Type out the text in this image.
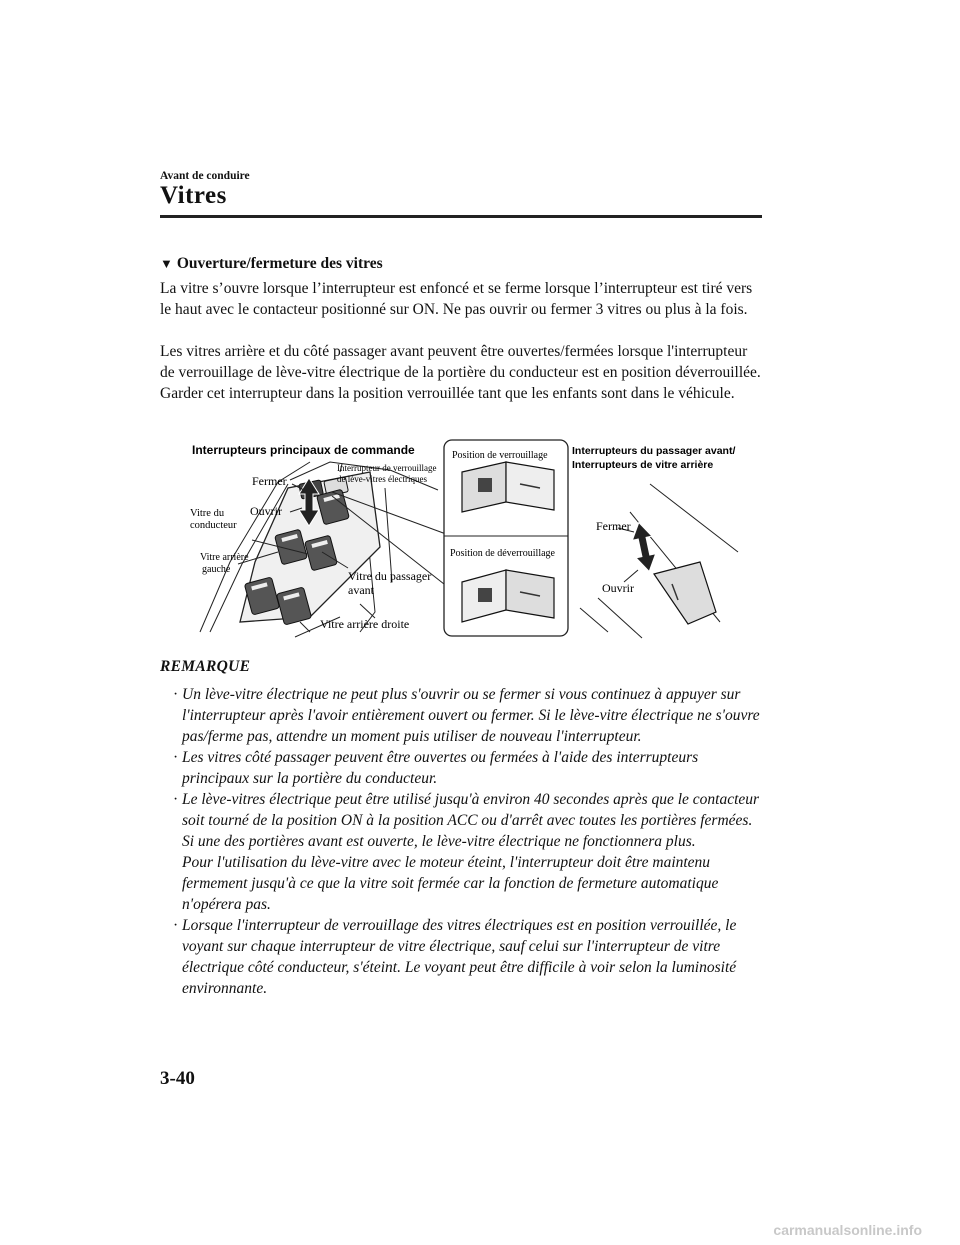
Avant de conduire
Vitres
▼ Ouverture/fermeture des vitres
La vitre s’ouvre lorsque l’interrupteur est enfoncé et se ferme lorsque l’interrupteur est tiré vers le haut avec le contacteur positionné sur ON. Ne pas ouvrir ou fermer 3 vitres ou plus à la fois.
Les vitres arrière et du côté passager avant peuvent être ouvertes/fermées lorsque l'interrupteur de verrouillage de lève-vitre électrique de la portière du conducteur est en position déverrouillée. Garder cet interrupteur dans la position verrouillée tant que les enfants sont dans le véhicule.
Interrupteurs principaux de commande
Interrupteur de verrouillage
de lève-vitres électriques
Fermer
Ouvrir
Vitre du
conducteur
Vitre arrière
gauche	Vitre du passager
avant
Vitre arrière droite
Position de verrouillage
Position de déverrouillage
Interrupteurs du passager avant/
Interrupteurs de vitre arrière
Fermer
Ouvrir
REMARQUE
· Un lève-vitre électrique ne peut plus s'ouvrir ou se fermer si vous continuez à appuyer sur l'interrupteur après l'avoir entièrement ouvert ou fermer. Si le lève-vitre électrique ne s'ouvre pas/ferme pas, attendre un moment puis utiliser de nouveau l'interrupteur.
· Les vitres côté passager peuvent être ouvertes ou fermées à l'aide des interrupteurs principaux sur la portière du conducteur.
· Le lève-vitres électrique peut être utilisé jusqu'à environ 40 secondes après que le contacteur soit tourné de la position ON à la position ACC ou d'arrêt avec toutes les portières fermées. Si une des portières avant est ouverte, le lève-vitre électrique ne fonctionnera plus.
Pour l'utilisation du lève-vitre avec le moteur éteint, l'interrupteur doit être maintenu fermement jusqu'à ce que la vitre soit fermée car la fonction de fermeture automatique n'opérera pas.
· Lorsque l'interrupteur de verrouillage des vitres électriques est en position verrouillée, le voyant sur chaque interrupteur de vitre électrique, sauf celui sur l'interrupteur de vitre électrique côté conducteur, s'éteint. Le voyant peut être difficile à voir selon la luminosité environnante.
3-40
carmanualsonline.info
